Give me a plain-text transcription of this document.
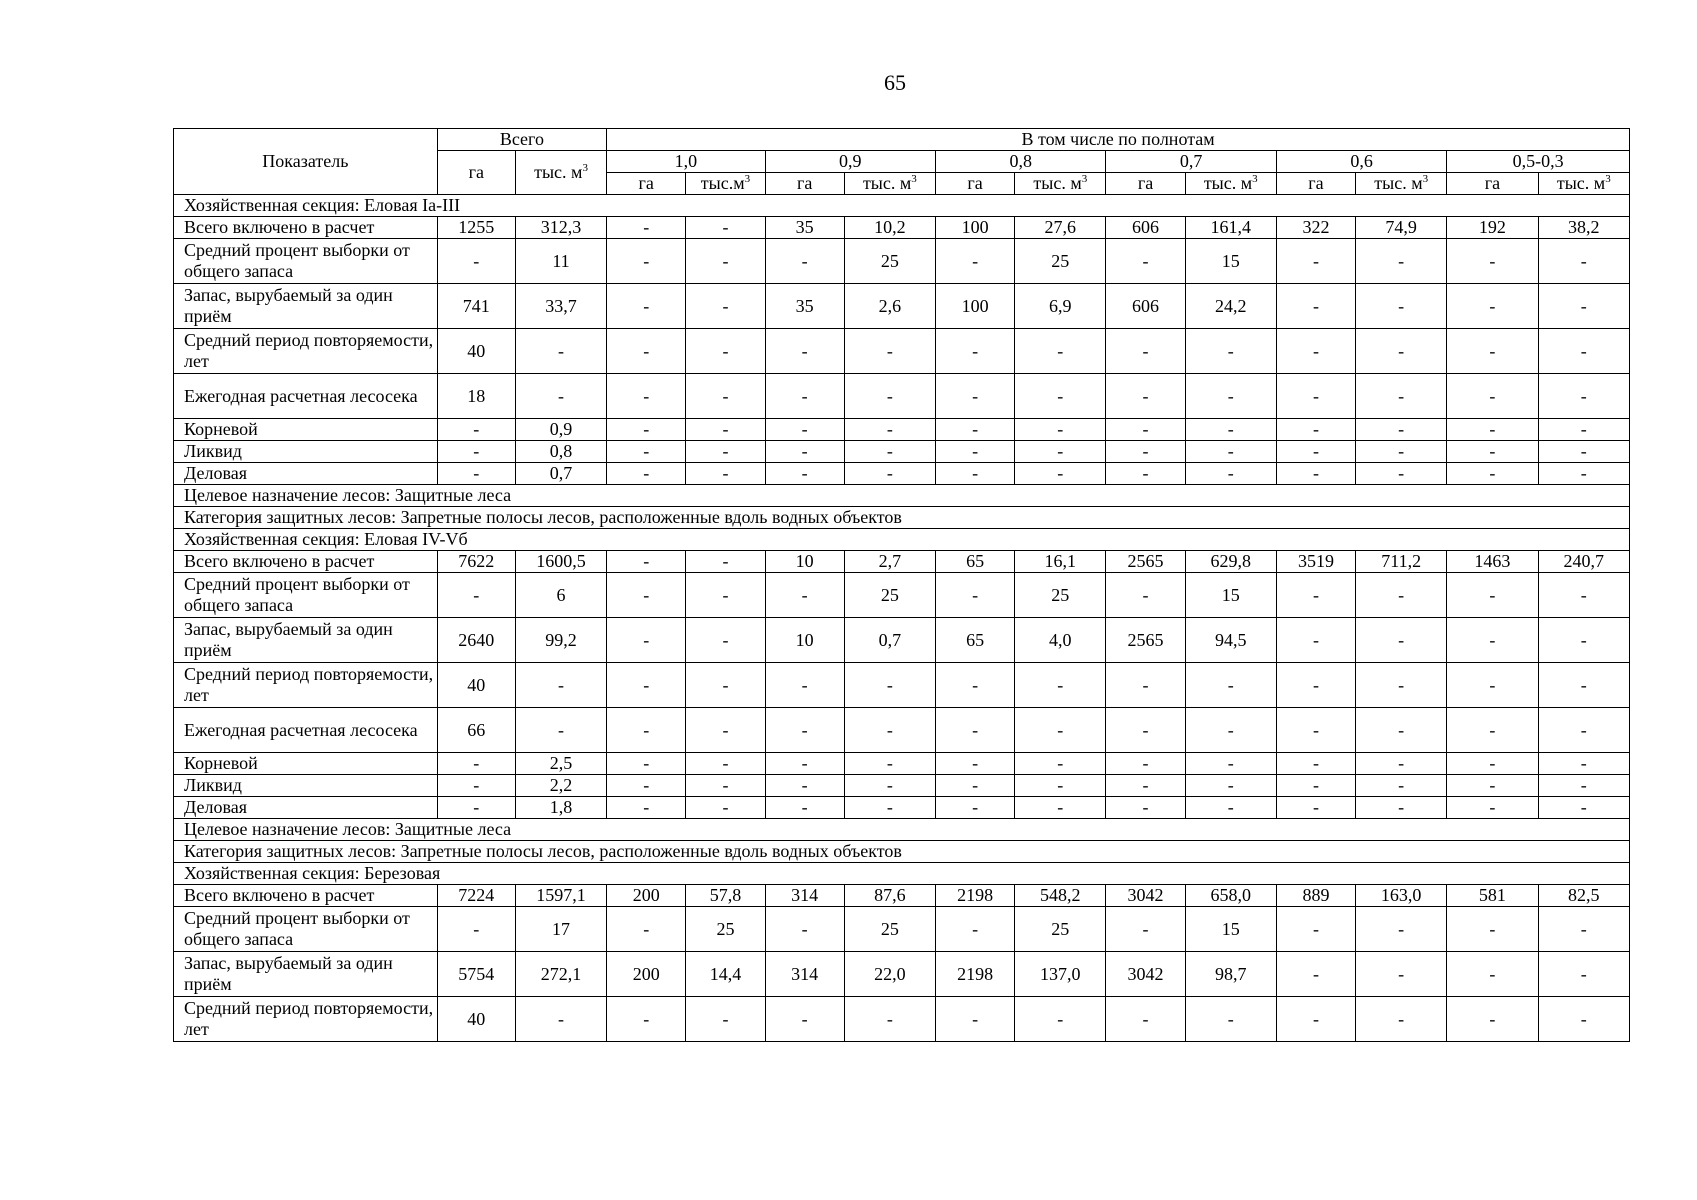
65
Показатель	Всего		В том числе по полнотам											
	га	тыс. $м^3$	1,0		0,9		0,8		0,7		0,6		0,5-0,3	
			га	$тыс.м^3$	га	тыс. $м^3$	га	тыс. $м^3$	га	тыс. $м^3$	га	тыс. $м^3$	га	тыс. $м^3$
Хозяйственная секция: Еловая Ia-III														
Всего включено в расчет	1255	312,3	-	-	35	10,2	100	27,6	606	161,4	322	74,9	192	38,2
Средний процент выборки от общего запаса	-	11	-	-	-	25	-	25	-	15	-	-	-	-
Запас, вырубаемый за один приём	741	33,7	-	-	35	2,6	100	6,9	606	24,2	-	-	-	-
Средний период повторяемости, лет	40	-	-	-	-	-	-	-	-	-	-	-	-	-
Ежегодная расчетная лесосека	18	-	-	-	-	-	-	-	-	-	-	-	-	-
Корневой	-	0,9	-	-	-	-	-	-	-	-	-	-	-	-
Ликвид	-	0,8	-	-	-	-	-	-	-	-	-	-	-	-
Деловая	-	0,7	-	-	-	-	-	-	-	-	-	-	-	-
Целевое назначение лесов: Защитные леса														
Категория защитных лесов: Запретные полосы лесов, расположенные вдоль водных объектов														
Хозяйственная секция: Еловая IV-Vб														
Всего включено в расчет	7622	1600,5	-	-	10	2,7	65	16,1	2565	629,8	3519	711,2	1463	240,7
Средний процент выборки от общего запаса	-	6	-	-	-	25	-	25	-	15	-	-	-	-
Запас, вырубаемый за один приём	2640	99,2	-	-	10	0,7	65	4,0	2565	94,5	-	-	-	-
Средний период повторяемости, лет	40	-	-	-	-	-	-	-	-	-	-	-	-	-
Ежегодная расчетная лесосека	66	-	-	-	-	-	-	-	-	-	-	-	-	-
Корневой	-	2,5	-	-	-	-	-	-	-	-	-	-	-	-
Ликвид	-	2,2	-	-	-	-	-	-	-	-	-	-	-	-
Деловая	-	1,8	-	-	-	-	-	-	-	-	-	-	-	-
Целевое назначение лесов: Защитные леса														
Категория защитных лесов: Запретные полосы лесов, расположенные вдоль водных объектов														
Хозяйственная секция: Березовая														
Всего включено в расчет	7224	1597,1	200	57,8	314	87,6	2198	548,2	3042	658,0	889	163,0	581	82,5
Средний процент выборки от общего запаса	-	17	-	25	-	25	-	25	-	15	-	-	-	-
Запас, вырубаемый за один приём	5754	272,1	200	14,4	314	22,0	2198	137,0	3042	98,7	-	-	-	-
Средний период повторяемости, лет	40	-	-	-	-	-	-	-	-	-	-	-	-	-
